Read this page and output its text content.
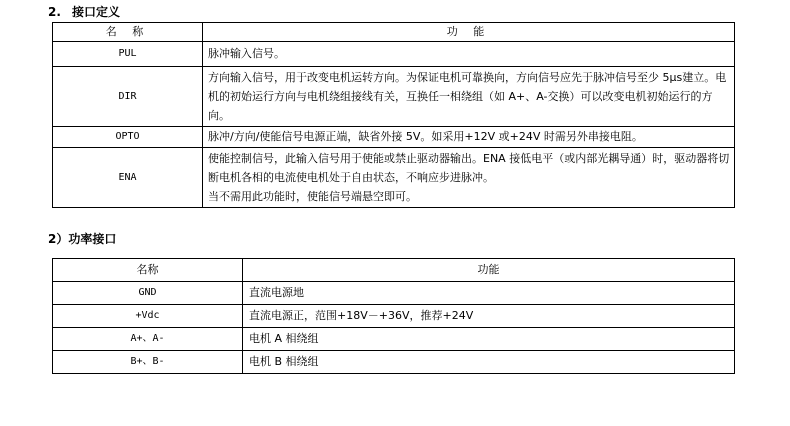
2. 接口定义
名 称	功 能
PUL	脉冲输入信号。

DIR	方向输入信号，用于改变电机运转方向。为保证电机可靠换向，方向信号应先于脉冲信号至少 5μs建立。电机的初始运行方向与电机绕组接线有关，互换任一相绕组（如 A+、A-交换）可以改变电机初始运行的方向。

OPTO	脉冲/方向/使能信号电源正端，缺省外接 5V。如采用+12V 或+24V 时需另外串接电阻。

ENA	使能控制信号，此输入信号用于使能或禁止驱动器输出。ENA 接低电平（或内部光耦导通）时，驱动器将切断电机各相的电流使电机处于自由状态，不响应步进脉冲。
当不需用此功能时，使能信号端悬空即可。
2）功率接口
名称	功能
GND	直流电源地
+Vdc	直流电源正，范围+18V－+36V，推荐+24V
A+、A-	电机 A 相绕组
B+、B-	电机 B 相绕组
